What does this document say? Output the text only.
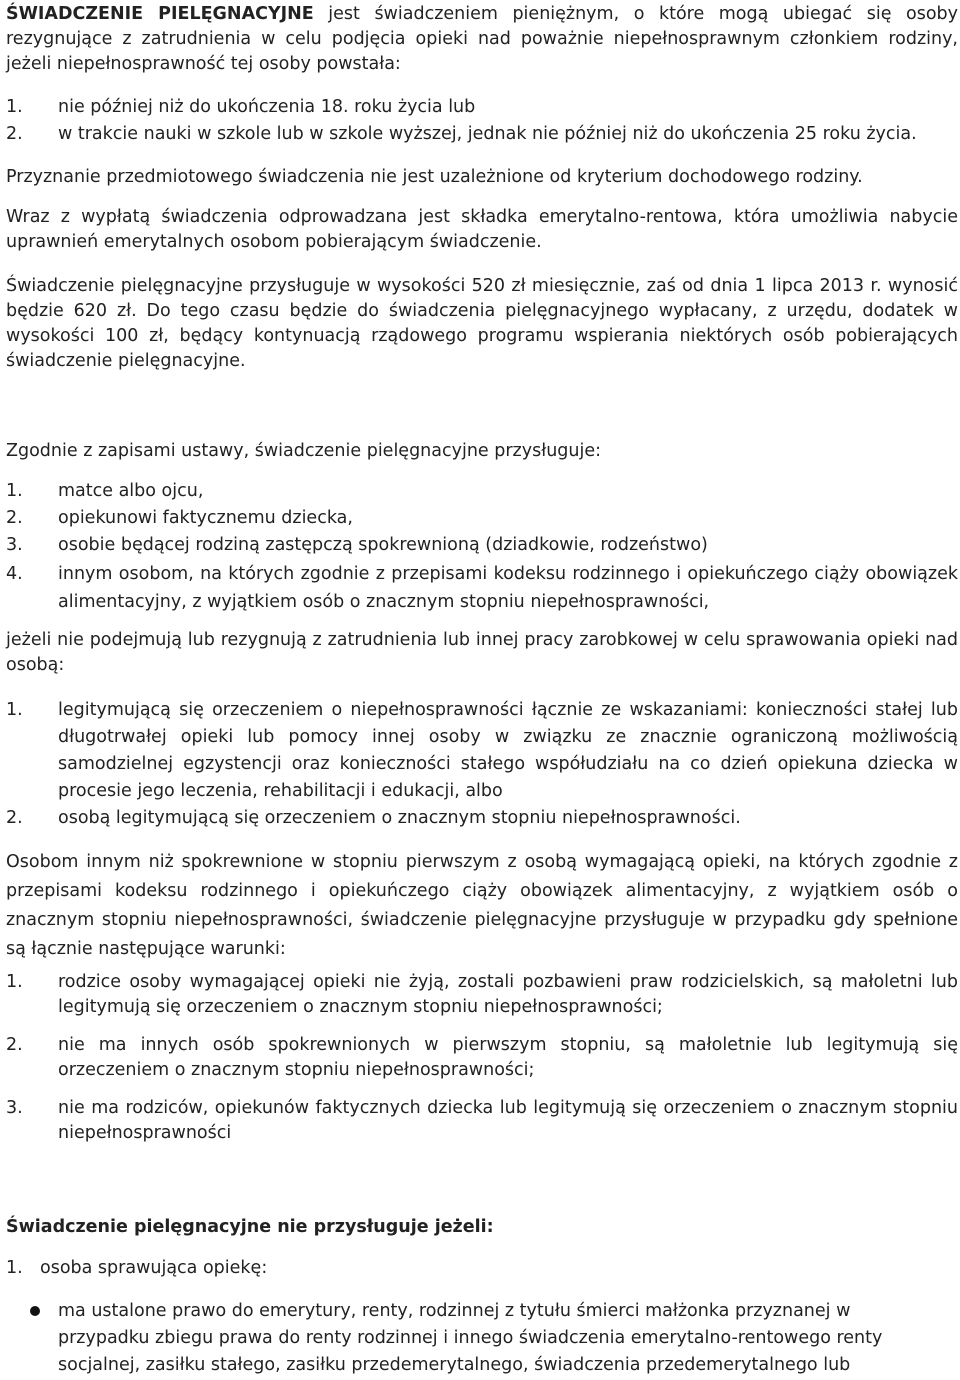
ŚWIADCZENIE PIELĘGNACYJNE jest świadczeniem pieniężnym, o które mogą ubiegać się osoby rezygnujące z zatrudnienia w celu podjęcia opieki nad poważnie niepełnosprawnym członkiem rodziny, jeżeli niepełnosprawność tej osoby powstała:

1.	nie później niż do ukończenia 18. roku życia lub
2.	w trakcie nauki w szkole lub w szkole wyższej, jednak nie później niż do ukończenia 25 roku życia.

Przyznanie przedmiotowego świadczenia nie jest uzależnione od kryterium dochodowego rodziny.

Wraz z wypłatą świadczenia odprowadzana jest składka emerytalno-rentowa, która umożliwia nabycie uprawnień emerytalnych osobom pobierającym świadczenie.

Świadczenie pielęgnacyjne przysługuje w wysokości 520 zł miesięcznie, zaś od dnia 1 lipca 2013 r. wynosić będzie 620 zł. Do tego czasu będzie do świadczenia pielęgnacyjnego wypłacany, z urzędu, dodatek w wysokości 100 zł, będący kontynuacją rządowego programu wspierania niektórych osób pobierających świadczenie pielęgnacyjne.

Zgodnie z zapisami ustawy, świadczenie pielęgnacyjne przysługuje:

1.	matce albo ojcu,
2.	opiekunowi faktycznemu dziecka,
3.	osobie będącej rodziną zastępczą spokrewnioną (dziadkowie, rodzeństwo)
4.	innym osobom, na których zgodnie z przepisami kodeksu rodzinnego i opiekuńczego ciąży obowiązek alimentacyjny, z wyjątkiem osób o znacznym stopniu niepełnosprawności,

jeżeli nie podejmują lub rezygnują z zatrudnienia lub innej pracy zarobkowej w celu sprawowania opieki nad osobą:

1.	legitymującą się orzeczeniem o niepełnosprawności łącznie ze wskazaniami: konieczności stałej lub długotrwałej opieki lub pomocy innej osoby w związku ze znacznie ograniczoną możliwością samodzielnej egzystencji oraz konieczności stałego współudziału na co dzień opiekuna dziecka w procesie jego leczenia, rehabilitacji i edukacji, albo
2.	osobą legitymującą się orzeczeniem o znacznym stopniu niepełnosprawności.

Osobom innym niż spokrewnione w stopniu pierwszym z osobą wymagającą opieki, na których zgodnie z przepisami kodeksu rodzinnego i opiekuńczego ciąży obowiązek alimentacyjny, z wyjątkiem osób o znacznym stopniu niepełnosprawności, świadczenie pielęgnacyjne przysługuje w przypadku gdy spełnione są łącznie następujące warunki:

1.	rodzice osoby wymagającej opieki nie żyją, zostali pozbawieni praw rodzicielskich, są małoletni lub legitymują się orzeczeniem o znacznym stopniu niepełnosprawności;
2.	nie ma innych osób spokrewnionych w pierwszym stopniu, są małoletnie lub legitymują się orzeczeniem o znacznym stopniu niepełnosprawności;
3.	nie ma rodziców, opiekunów faktycznych dziecka lub legitymują się orzeczeniem o znacznym stopniu niepełnosprawności

Świadczenie pielęgnacyjne nie przysługuje jeżeli:

1. osoba sprawująca opiekę:
ma ustalone prawo do emerytury, renty, rodzinnej z tytułu śmierci małżonka przyznanej w przypadku zbiegu prawa do renty rodzinnej i innego świadczenia emerytalno-rentowego renty socjalnej, zasiłku stałego, zasiłku przedemerytalnego, świadczenia przedemerytalnego lub
